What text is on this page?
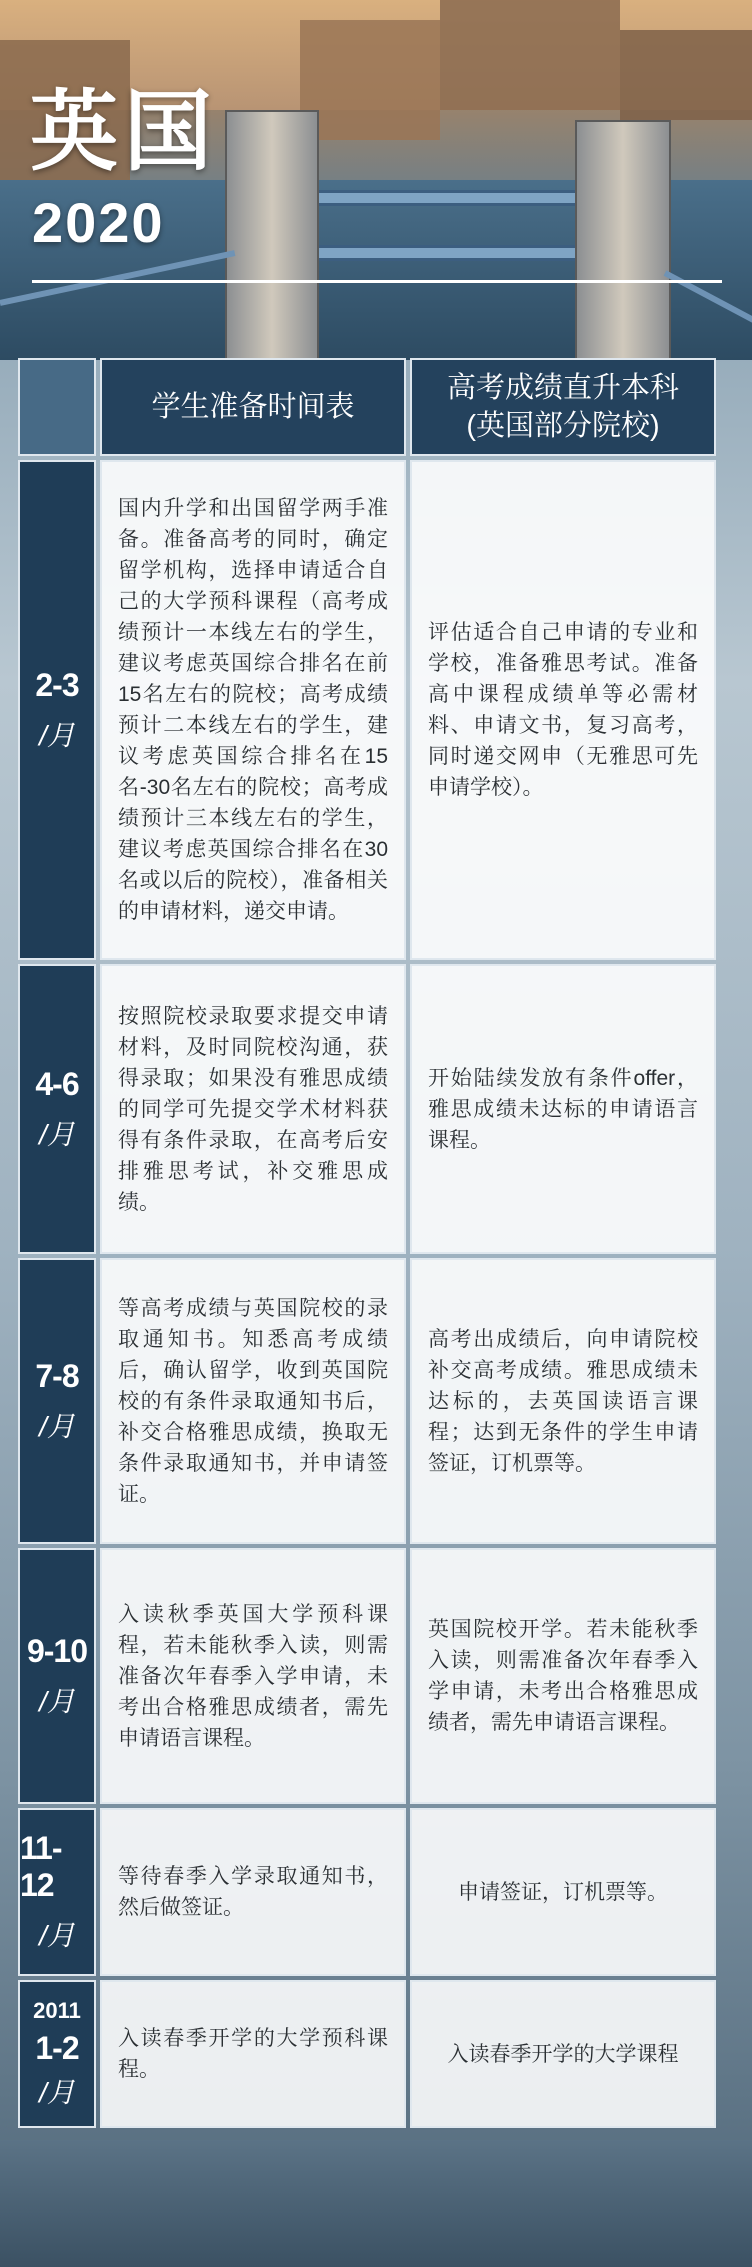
英国
2020
学生准备时间表
高考成绩直升本科
(英国部分院校)
2-3
/月
国内升学和出国留学两手准备。准备高考的同时，确定留学机构，选择申请适合自己的大学预科课程（高考成绩预计一本线左右的学生，建议考虑英国综合排名在前15名左右的院校；高考成绩预计二本线左右的学生，建议考虑英国综合排名在15名-30名左右的院校；高考成绩预计三本线左右的学生，建议考虑英国综合排名在30名或以后的院校），准备相关的申请材料，递交申请。
评估适合自己申请的专业和学校，准备雅思考试。准备高中课程成绩单等必需材料、申请文书，复习高考，同时递交网申（无雅思可先申请学校）。
4-6
/月
按照院校录取要求提交申请材料，及时同院校沟通，获得录取；如果没有雅思成绩的同学可先提交学术材料获得有条件录取，在高考后安排雅思考试，补交雅思成绩。
开始陆续发放有条件offer，雅思成绩未达标的申请语言课程。
7-8
/月
等高考成绩与英国院校的录取通知书。知悉高考成绩后，确认留学，收到英国院校的有条件录取通知书后，补交合格雅思成绩，换取无条件录取通知书，并申请签证。
高考出成绩后，向申请院校补交高考成绩。雅思成绩未达标的，去英国读语言课程；达到无条件的学生申请签证，订机票等。
9-10
/月
入读秋季英国大学预科课程，若未能秋季入读，则需准备次年春季入学申请，未考出合格雅思成绩者，需先申请语言课程。
英国院校开学。若未能秋季入读，则需准备次年春季入学申请，未考出合格雅思成绩者，需先申请语言课程。
11-12
/月
等待春季入学录取通知书，然后做签证。
申请签证，订机票等。
2011
1-2
/月
入读春季开学的大学预科课程。
入读春季开学的大学课程
